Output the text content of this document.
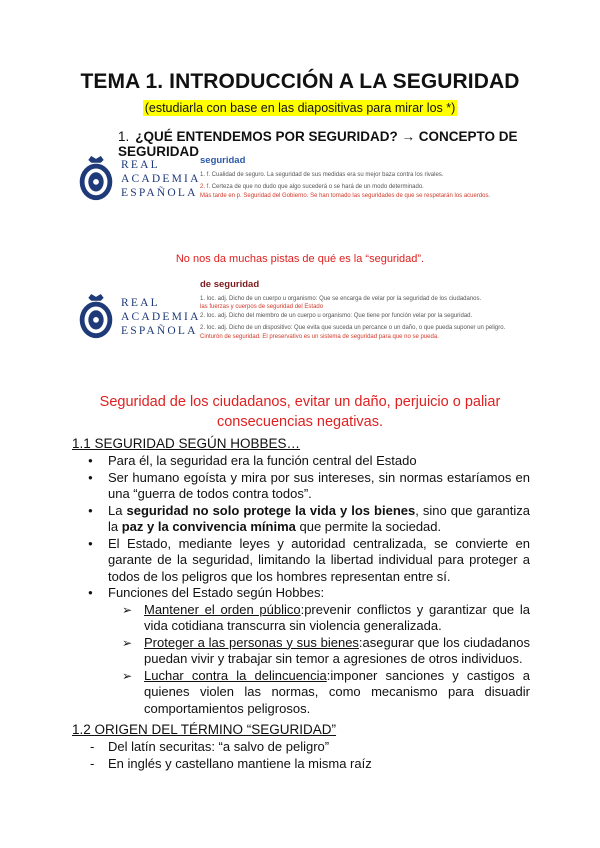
TEMA 1. INTRODUCCIÓN A LA SEGURIDAD
(estudiarla con base en las diapositivas para mirar los *)
1. ¿QUÉ ENTENDEMOS POR SEGURIDAD? → CONCEPTO DE SEGURIDAD
REAL
ACADEMIA
ESPAÑOLA
seguridad
1. f. Cualidad de seguro. La seguridad de sus medidas era su mejor baza contra los rivales.
2. f. Certeza de que no dudo que algo sucederá o se hará de un modo determinado.
Más tarde en p. Seguridad del Gobierno. Se han tomado las seguridades de que se respetarán los acuerdos.
No nos da muchas pistas de qué es la “seguridad”.
REAL
ACADEMIA
ESPAÑOLA
de seguridad
1. loc. adj. Dicho de un cuerpo u organismo: Que se encarga de velar por la seguridad de los ciudadanos.
las fuerzas y cuerpos de seguridad del Estado
2. loc. adj. Dicho del miembro de un cuerpo u organismo: Que tiene por función velar por la seguridad.
2. loc. adj. Dicho de un dispositivo: Que evita que suceda un percance o un daño, o que pueda suponer un peligro.
Cinturón de seguridad. El preservativo es un sistema de seguridad para que no se pueda.
Seguridad de los ciudadanos, evitar un daño, perjuicio o paliar consecuencias negativas.
1.1 SEGURIDAD SEGÚN HOBBES…
● Para él, la seguridad era la función central del Estado
● Ser humano egoísta y mira por sus intereses, sin normas estaríamos en una “guerra de todos contra todos”.
● La seguridad no solo protege la vida y los bienes, sino que garantiza la paz y la convivencia mínima que permite la sociedad.
● El Estado, mediante leyes y autoridad centralizada, se convierte en garante de la seguridad, limitando la libertad individual para proteger a todos de los peligros que los hombres representan entre sí.
● Funciones del Estado según Hobbes:
➢ Mantener el orden público:prevenir conflictos y garantizar que la vida cotidiana transcurra sin violencia generalizada.
➢ Proteger a las personas y sus bienes:asegurar que los ciudadanos puedan vivir y trabajar sin temor a agresiones de otros individuos.
➢ Luchar contra la delincuencia:imponer sanciones y castigos a quienes violen las normas, como mecanismo para disuadir comportamientos peligrosos.
1.2 ORIGEN DEL TÉRMINO “SEGURIDAD”
- Del latín securitas: “a salvo de peligro”
- En inglés y castellano mantiene la misma raíz
